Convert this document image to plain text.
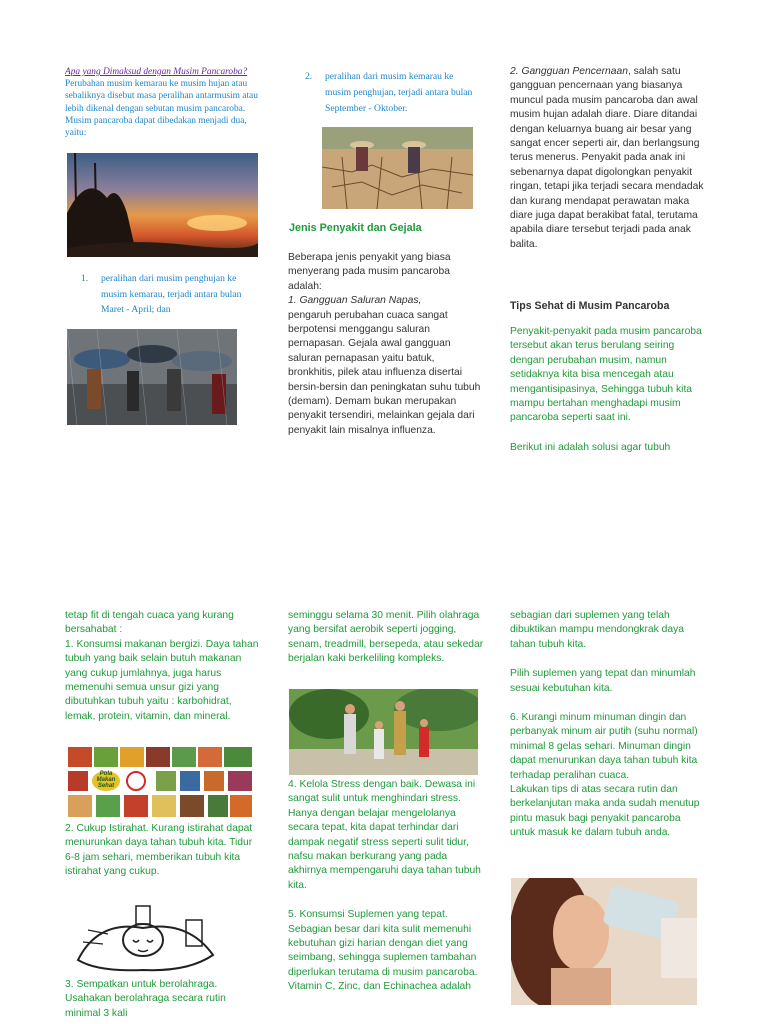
Apa yang Dimaksud dengan Musim Pancaroba? Perubahan musim kemarau ke musim hujan atau sebaliknya disebut masa peralihan antarmusim atau lebih dikenal dengan sebutan musim pancaroba. Musim pancaroba dapat dibedakan menjadi dua, yaitu:
1.	peralihan dari musim penghujan ke musim kemarau, terjadi antara bulan Maret - April; dan
2.	peralihan dari musim kemarau ke musim penghujan, terjadi antara bulan September - Oktober.
Jenis Penyakit dan Gejala

Beberapa jenis penyakit yang biasa menyerang pada musim pancaroba adalah:

1. Gangguan Saluran Napas,

pengaruh perubahan cuaca sangat berpotensi menggangu saluran pernapasan. Gejala awal gangguan saluran pernapasan yaitu batuk, bronkhitis, pilek atau influenza disertai bersin-bersin dan peningkatan suhu tubuh (demam). Demam bukan merupakan penyakit tersendiri, melainkan gejala dari penyakit lain misalnya influenza.

2. Gangguan Pencernaan, salah satu gangguan pencernaan yang biasanya muncul pada musim pancaroba dan awal musim hujan adalah diare. Diare ditandai dengan keluarnya buang air besar yang sangat encer seperti air, dan berlangsung terus menerus. Penyakit pada anak ini sebenarnya dapat digolongkan penyakit ringan, tetapi jika terjadi secara mendadak dan kurang mendapat perawatan maka diare juga dapat berakibat fatal, terutama apabila diare tersebut terjadi pada anak balita.
Tips Sehat di Musim Pancaroba

Penyakit-penyakit pada musim pancaroba tersebut akan terus berulang seiring dengan perubahan musim, namun setidaknya kita bisa mencegah atau mengantisipasinya, Sehingga tubuh kita mampu bertahan menghadapi musim pancaroba seperti saat ini.

Berikut ini adalah solusi agar tubuh

tetap fit di tengah cuaca yang kurang bersahabat :

1. Konsumsi makanan bergizi. Daya tahan tubuh yang baik selain butuh makanan yang cukup jumlahnya, juga harus memenuhi semua unsur gizi yang dibutuhkan tubuh yaitu : karbohidrat, lemak, protein, vitamin, dan mineral.

Pola Makan Sehat

2. Cukup Istirahat. Kurang istirahat dapat menurunkan daya tahan tubuh kita. Tidur

6-8 jam sehari, memberikan tubuh kita istirahat yang cukup.

3. Sempatkan untuk berolahraga. Usahakan berolahraga secara rutin minimal 3 kali

seminggu selama 30 menit. Pilih olahraga yang bersifat aerobik seperti jogging, senam, treadmill, bersepeda, atau sekedar berjalan kaki berkeliling kompleks.

4. Kelola Stress dengan baik. Dewasa ini sangat sulit untuk menghindari stress. Hanya dengan belajar mengelolanya secara tepat, kita dapat terhindar dari dampak negatif stress seperti sulit tidur, nafsu makan berkurang yang pada akhirnya mempengaruhi daya tahan tubuh kita.

5. Konsumsi Suplemen yang tepat. Sebagian besar dari kita sulit memenuhi kebutuhan gizi harian dengan diet yang seimbang, sehingga suplemen tambahan diperlukan terutama di musim pancaroba. Vitamin C, Zinc, dan Echinachea adalah

sebagian dari suplemen yang telah dibuktikan mampu mendongkrak daya tahan tubuh kita.

Pilih suplemen yang tepat dan minumlah sesuai kebutuhan kita.

6. Kurangi minum minuman dingin dan perbanyak minum air putih (suhu normal) minimal 8 gelas sehari. Minuman dingin dapat menurunkan daya tahan tubuh kita terhadap peralihan cuaca.

Lakukan tips di atas secara rutin dan berkelanjutan maka anda sudah menutup pintu masuk bagi penyakit pancaroba untuk masuk ke dalam tubuh anda.
